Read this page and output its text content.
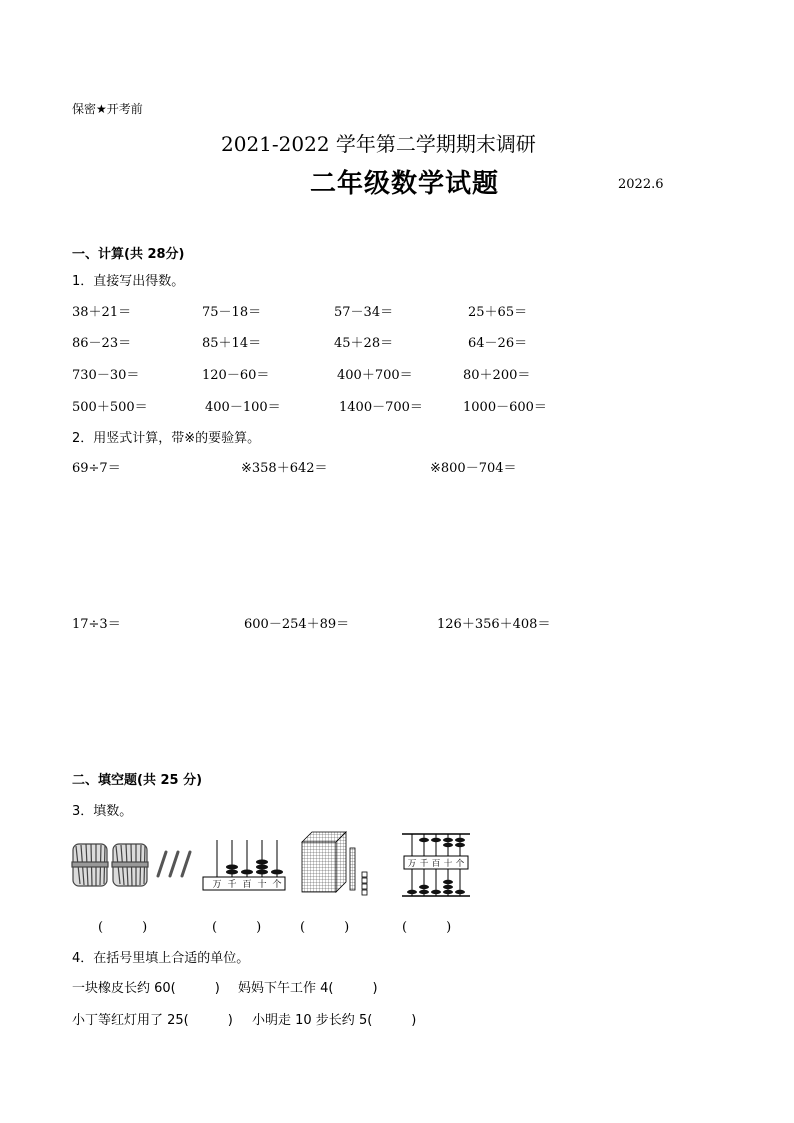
保密★开考前
2021-2022 学年第二学期期末调研
二年级数学试题	2022.6
一、计算(共 28分)
1．直接写出得数。
38＋21＝	75－18＝	57－34＝	25＋65＝
86－23＝	85＋14＝	45＋28＝	64－26＝
730－30＝	120－60＝	400＋700＝	80＋200＝
500＋500＝	400－100＝	1400－700＝	1000－600＝
2．用竖式计算，带※的要验算。
69÷7＝	※358＋642＝	※800－704＝
17÷3＝	600－254＋89＝	126＋356＋408＝
二、填空题(共 25 分)
3．填数。
万 千 百 十 个
万 千 百 十 个
(　　　)	(　　　)	(　　　)	(　　　)
4．在括号里填上合适的单位。
一块橡皮长约 60(　　　) 妈妈下午工作 4(　　　)
小丁等红灯用了 25(　　　) 小明走 10 步长约 5(　　　)
